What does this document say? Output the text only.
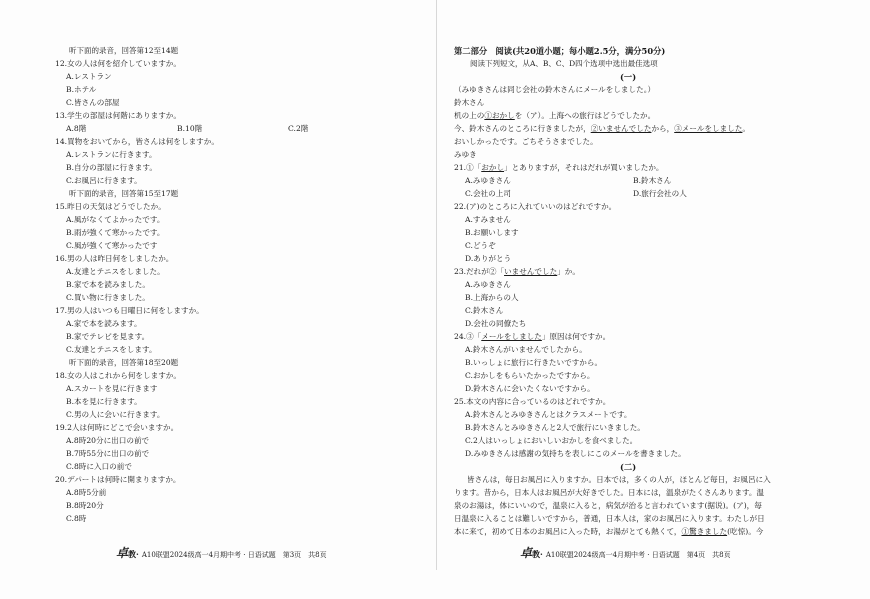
听下面的录音，回答第12至14题
12.女の人は何を紹介していますか。
A.レストラン
B.ホテル
C.皆さんの部屋
13.学生の部屋は何階にありますか。
A.8階	B.10階	C.2階
14.買物をおいてから，皆さんは何をしますか。
A.レストランに行きます。
B.自分の部屋に行きます。
C.お風呂に行きます。
听下面的录音，回答第15至17题
15.昨日の天気はどうでしたか。
A.風がなくてよかったです。
B.雨が強くて寒かったです。
C.風が強くて寒かったです
16.男の人は昨日何をしましたか。
A.友達とテニスをしました。
B.家で本を読みました。
C.買い物に行きました。
17.男の人はいつも日曜日に何をしますか。
A.家で本を読みます。
B.家でテレビを見ます。
C.友達とテニスをします。
听下面的录音，回答第18至20题
18.女の人はこれから何をしますか。
A.スカートを見に行きます
B.本を見に行きます。
C.男の人に会いに行きます。
19.2人は何時にどこで会いますか。
A.8時20分に出口の前で
B.7時55分に出口の前で
C.8時に入口の前で
20.デパートは何時に開まりますか。
A.8時5分前
B.8時20分
C.8時
卓教· A10联盟2024级高一4月期中考 · 日语试题　第3页　共8页
第二部分　阅读(共20道小题；每小题2.5分，满分50分)
阅读下列短文，从A、B、C、D四个选项中选出最佳选项
(一)
（みゆきさんは同じ会社の鈴木さんにメールをしました。）
鈴木さん
机の上の①おかしを（ア）。上海への旅行はどうでしたか。
今、鈴木さんのところに行きましたが，②いませんでしたから，③メールをしました。
おいしかったです。ごちそうさまでした。
みゆき
21.①「おかし」とありますが，それはだれが買いましたか。
A.みゆきさん	B.鈴木さん
C.会社の上司	D.旅行会社の人
22.(ア)のところに入れていいのはどれですか。
A.すみません
B.お願いします
C.どうぞ
D.ありがとう
23.だれが②「いませんでした」か。
A.みゆきさん
B.上海からの人
C.鈴木さん
D.会社の同僚たち
24.③「メールをしました」原因は何ですか。
A.鈴木さんがいませんでしたから。
B.いっしょに旅行に行きたいですから。
C.おかしをもらいたかったですから。
D.鈴木さんに会いたくないですから。
25.本文の内容に合っているのはどれですか。
A.鈴木さんとみゆきさんとはクラスメートです。
B.鈴木さんとみゆきさんと2人で旅行にいきました。
C.2人はいっしょにおいしいおかしを食べました。
D.みゆきさんは感謝の気持ちを表しにこのメールを書きました。
(二)
皆さんは，毎日お風呂に入りますか。日本では，多くの人が，ほとんど毎日，お風呂に入
ります。昔から，日本人はお風呂が大好きでした。日本には，温泉がたくさんあります。温
泉のお湯は，体にいいので，温泉に入ると，病気が治ると言われています(据说)。(ア)，毎
日温泉に入ることは難しいですから，普通，日本人は，家のお風呂に入ります。わたしが日
本に来て，初めて日本のお風呂に入った時，お湯がとても熱くて，①驚きました(吃惊)。今
卓教· A10联盟2024级高一4月期中考 · 日语试题　第4页　共8页
